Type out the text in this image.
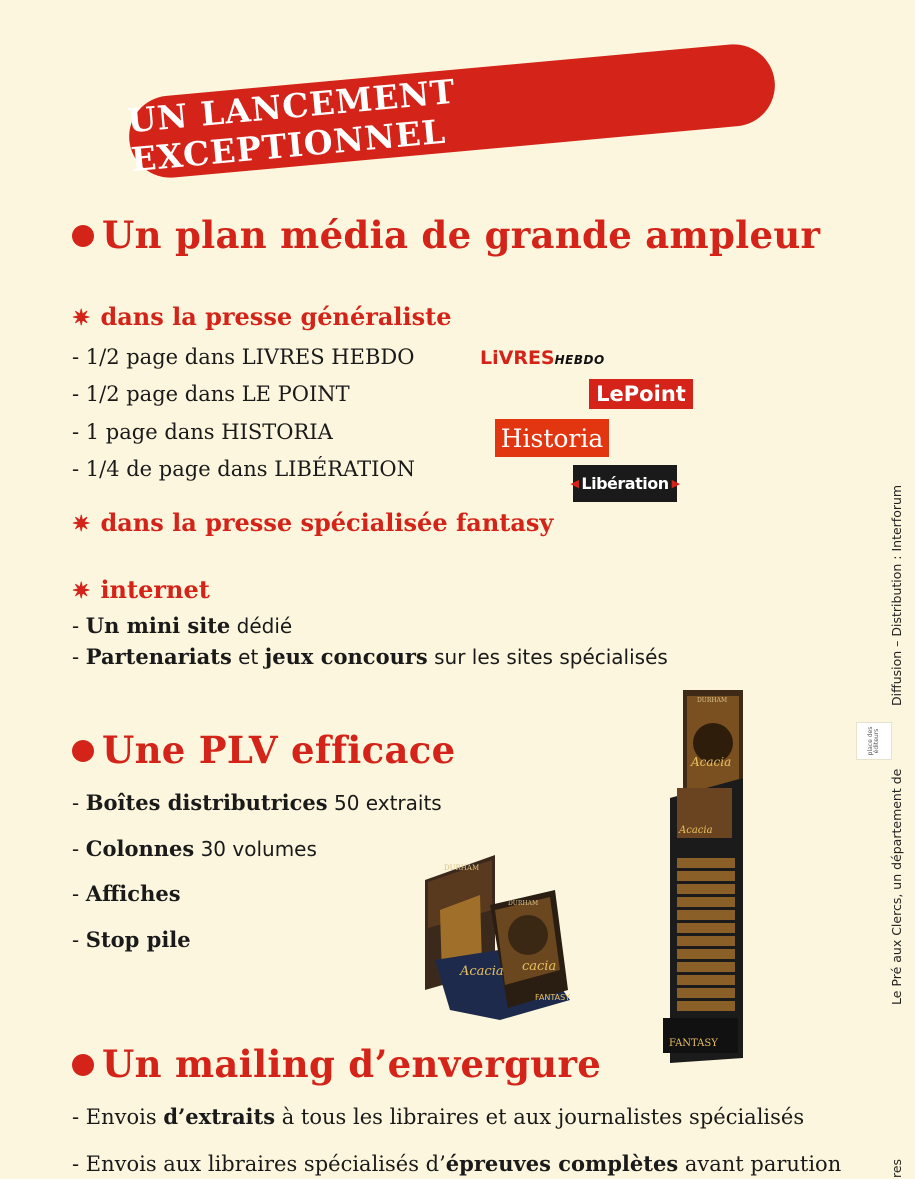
UN LANCEMENT EXCEPTIONNEL
Un plan média de grande ampleur
✷ dans la presse généraliste
- 1/2 page dans LIVRES HEBDO
- 1/2 page dans LE POINT
- 1 page dans HISTORIA
- 1/4 de page dans LIBÉRATION
LiVRESHEBDO
LePoint
Historia
◀ Libération ▶
✷ dans la presse spécialisée fantasy
✷ internet
- Un mini site dédié
- Partenariats et jeux concours sur les sites spécialisés
Une PLV efficace
- Boîtes distributrices 50 extraits
- Colonnes 30 volumes
- Affiches
- Stop pile
DURHAM
DURHAM
Acacia cacia
FANTASY
DURHAM
Acacia
Acacia
FANTASY
Un mailing d’envergure
- Envois d’extraits à tous les libraires et aux journalistes spécialisés
- Envois aux libraires spécialisés d’épreuves complètes avant parution
Le Pré aux Clercs, un département de
place des éditeurs
Diffusion – Distribution : Interforum
res
